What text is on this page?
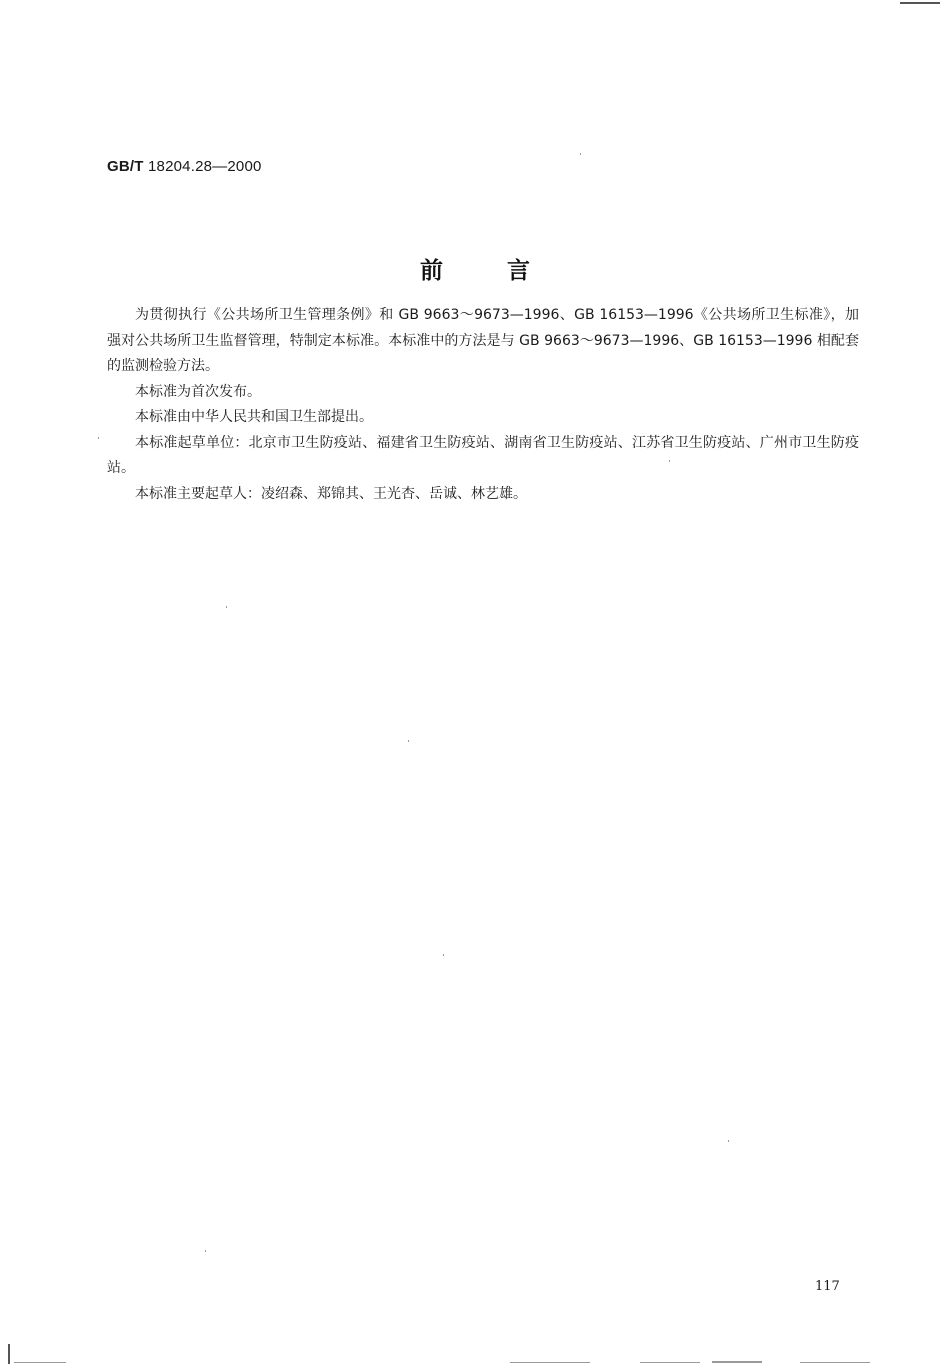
GB/T 18204.28—2000
前言

为贯彻执行《公共场所卫生管理条例》和 GB 9663～9673—1996、GB 16153—1996《公共场所卫生标准》，加强对公共场所卫生监督管理，特制定本标准。本标准中的方法是与 GB 9663～9673—1996、GB 16153—1996 相配套的监测检验方法。

本标准为首次发布。

本标准由中华人民共和国卫生部提出。

本标准起草单位：北京市卫生防疫站、福建省卫生防疫站、湖南省卫生防疫站、江苏省卫生防疫站、广州市卫生防疫站。

本标准主要起草人：凌绍森、郑锦其、王光杏、岳诚、林艺雄。

117
